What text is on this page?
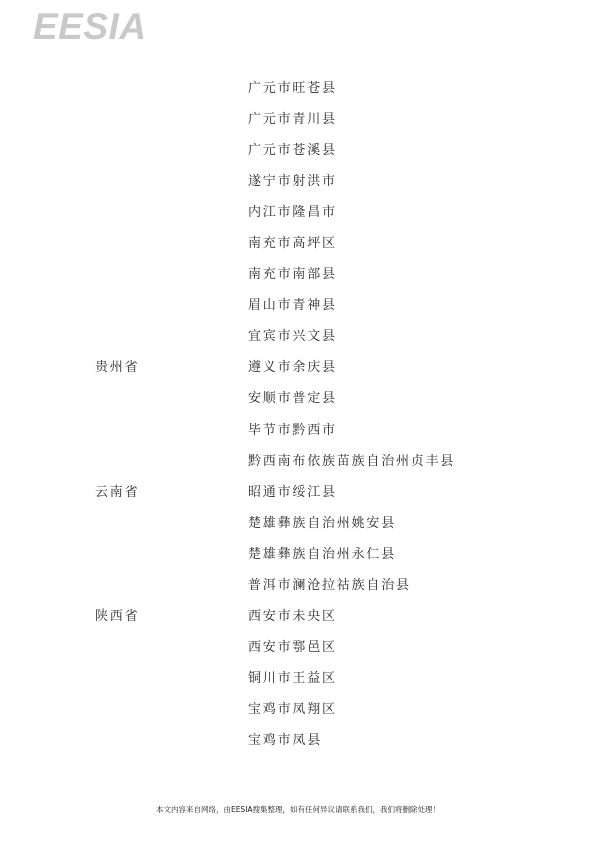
EESIA
广元市旺苍县
广元市青川县
广元市苍溪县
遂宁市射洪市
内江市隆昌市
南充市高坪区
南充市南部县
眉山市青神县
宜宾市兴文县
贵州省	遵义市余庆县
安顺市普定县
毕节市黔西市
黔西南布依族苗族自治州贞丰县
云南省	昭通市绥江县
楚雄彝族自治州姚安县
楚雄彝族自治州永仁县
普洱市澜沧拉祜族自治县
陕西省	西安市未央区
西安市鄠邑区
铜川市王益区
宝鸡市凤翔区
宝鸡市凤县
本文内容来自网络，由EESIA搜集整理，如有任何异议请联系我们，我们将删除处理！
